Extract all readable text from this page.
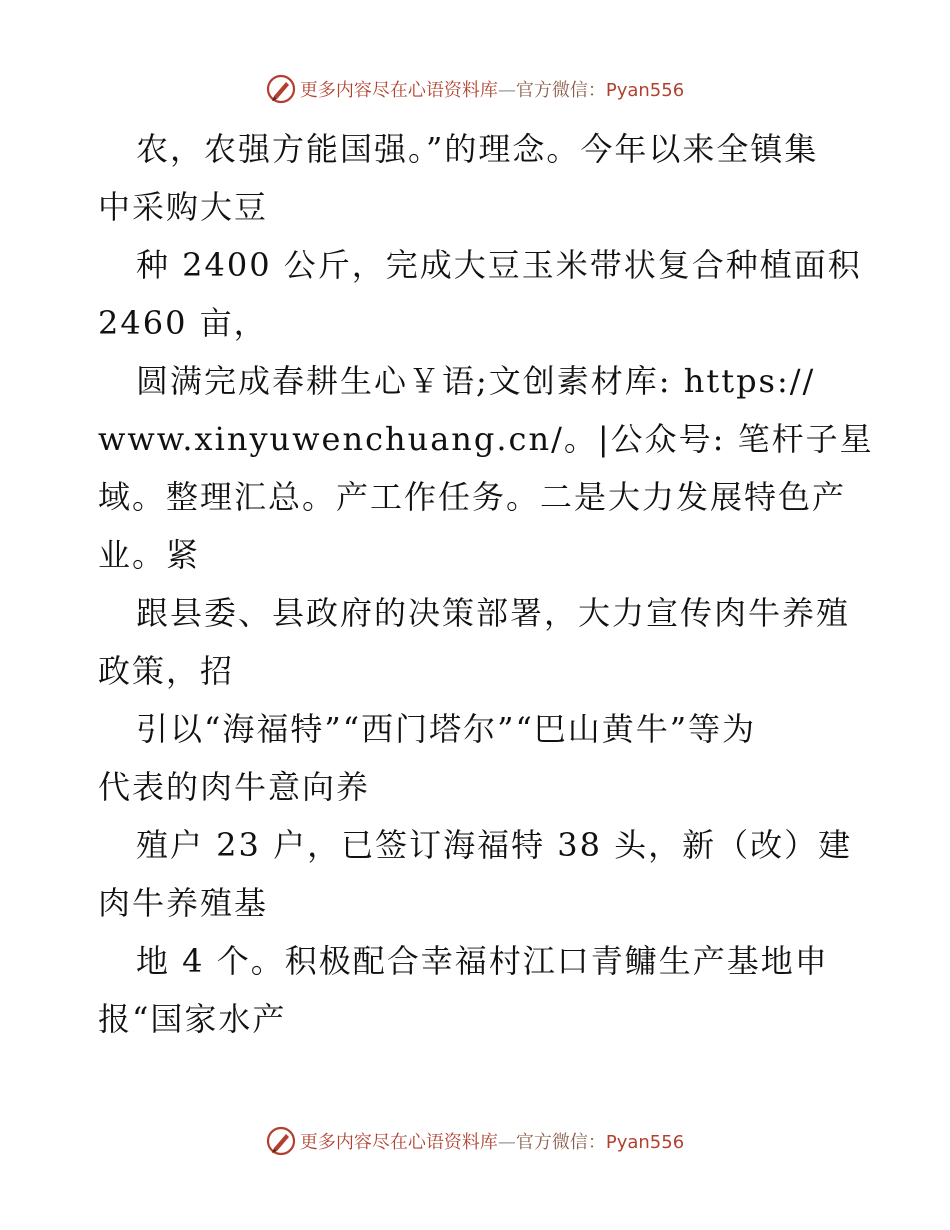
更多内容尽在心语资料库—官方微信：Pyan556
农，农强方能国强。”的理念。今年以来全镇集
中采购大豆
种 2400 公斤，完成大豆玉米带状复合种植面积
2460 亩，
圆满完成春耕生心￥语;文创素材库: https://
www.xinyuwenchuang.cn/。|公众号: 笔杆子星
域。整理汇总。产工作任务。二是大力发展特色产
业。紧
跟县委、县政府的决策部署，大力宣传肉牛养殖
政策，招
引以“海福特”“西门塔尔”“巴山黄牛”等为
代表的肉牛意向养
殖户 23 户，已签订海福特 38 头，新（改）建
肉牛养殖基
地 4 个。积极配合幸福村江口青鳙生产基地申
报“国家水产
更多内容尽在心语资料库—官方微信：Pyan556
